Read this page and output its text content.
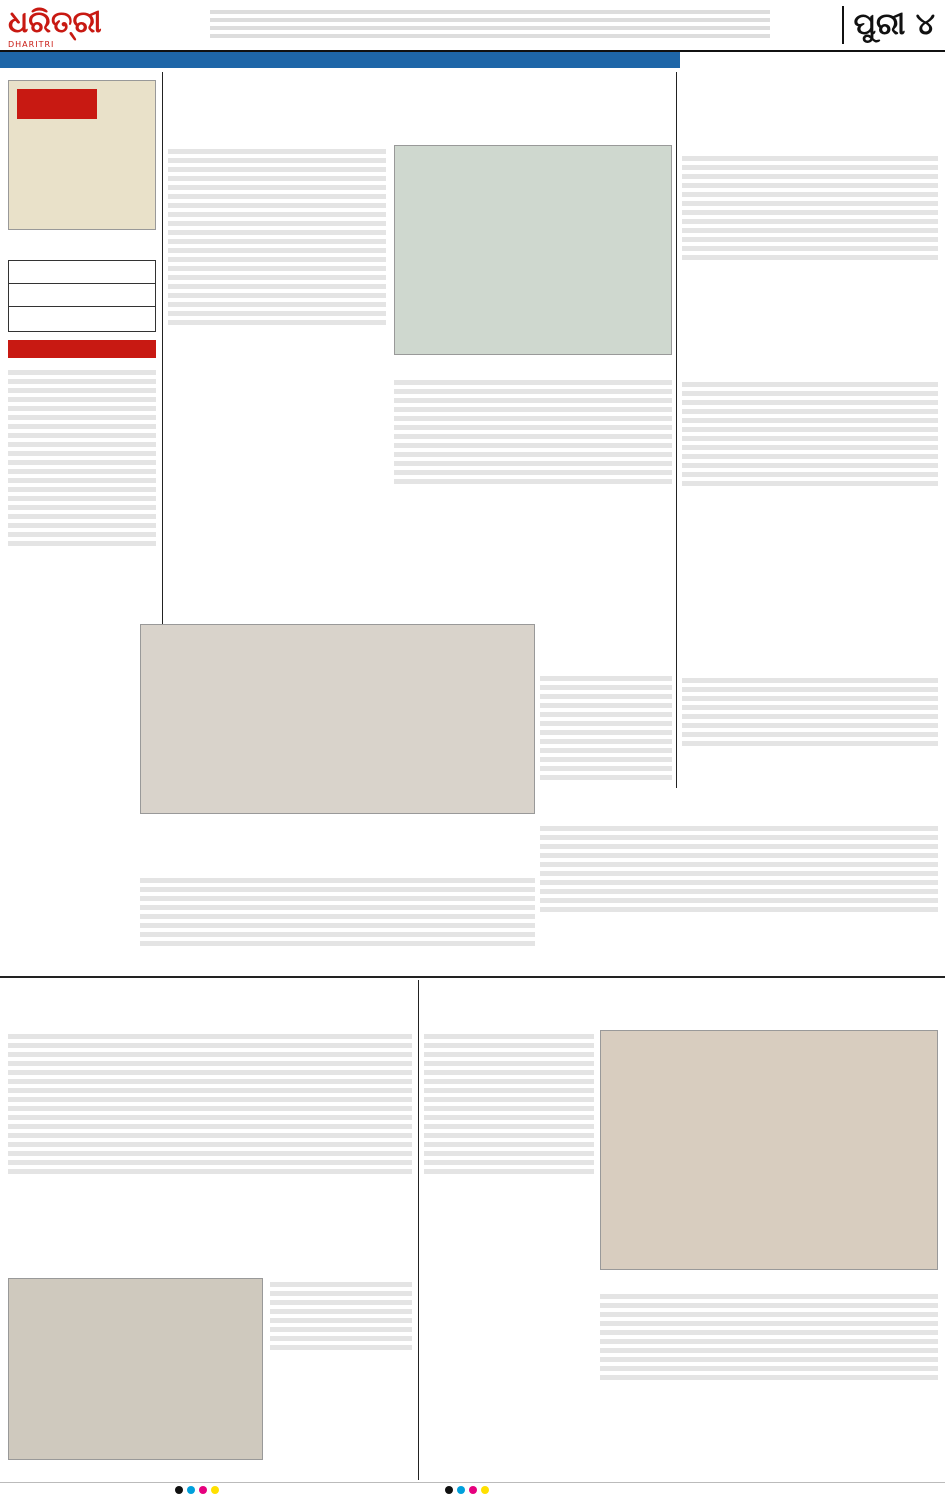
ଧରିତ୍ରୀ
DHARITRI
ପୁରୀ ୪
